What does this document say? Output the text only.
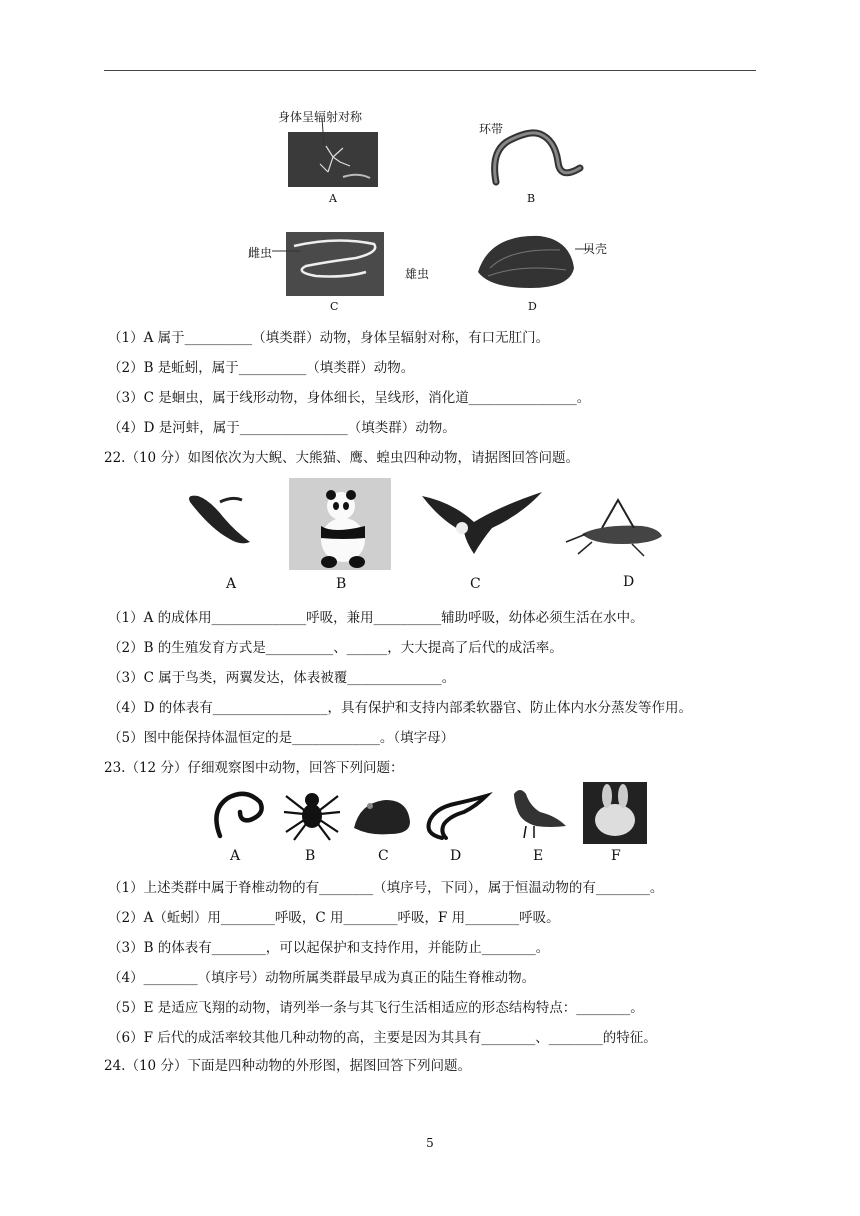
身体呈辐射对称
A
环带
B
雌虫
雄虫
C
贝壳
D
（1）A 属于__________（填类群）动物，身体呈辐射对称，有口无肛门。
（2）B 是蚯蚓，属于__________（填类群）动物。
（3）C 是蛔虫，属于线形动物，身体细长，呈线形，消化道________________。
（4）D 是河蚌，属于________________（填类群）动物。
22.（10 分）如图依次为大鲵、大熊猫、鹰、蝗虫四种动物，请据图回答问题。
A	B	C	D
（1）A 的成体用______________呼吸，兼用__________辅助呼吸，幼体必须生活在水中。
（2）B 的生殖发育方式是__________、______，大大提高了后代的成活率。
（3）C 属于鸟类，两翼发达，体表被覆______________。
（4）D 的体表有_________________，具有保护和支持内部柔软器官、防止体内水分蒸发等作用。
（5）图中能保持体温恒定的是_____________。（填字母）
23.（12 分）仔细观察图中动物，回答下列问题：
A	B	C	D	E	F
（1）上述类群中属于脊椎动物的有________（填序号，下同），属于恒温动物的有________。
（2）A（蚯蚓）用________呼吸，C 用________呼吸，F 用________呼吸。
（3）B 的体表有________，可以起保护和支持作用，并能防止________。
（4）________（填序号）动物所属类群最早成为真正的陆生脊椎动物。
（5）E 是适应飞翔的动物，请列举一条与其飞行生活相适应的形态结构特点：________。
（6）F 后代的成活率较其他几种动物的高，主要是因为其具有________、________的特征。
24.（10 分）下面是四种动物的外形图，据图回答下列问题。
5
